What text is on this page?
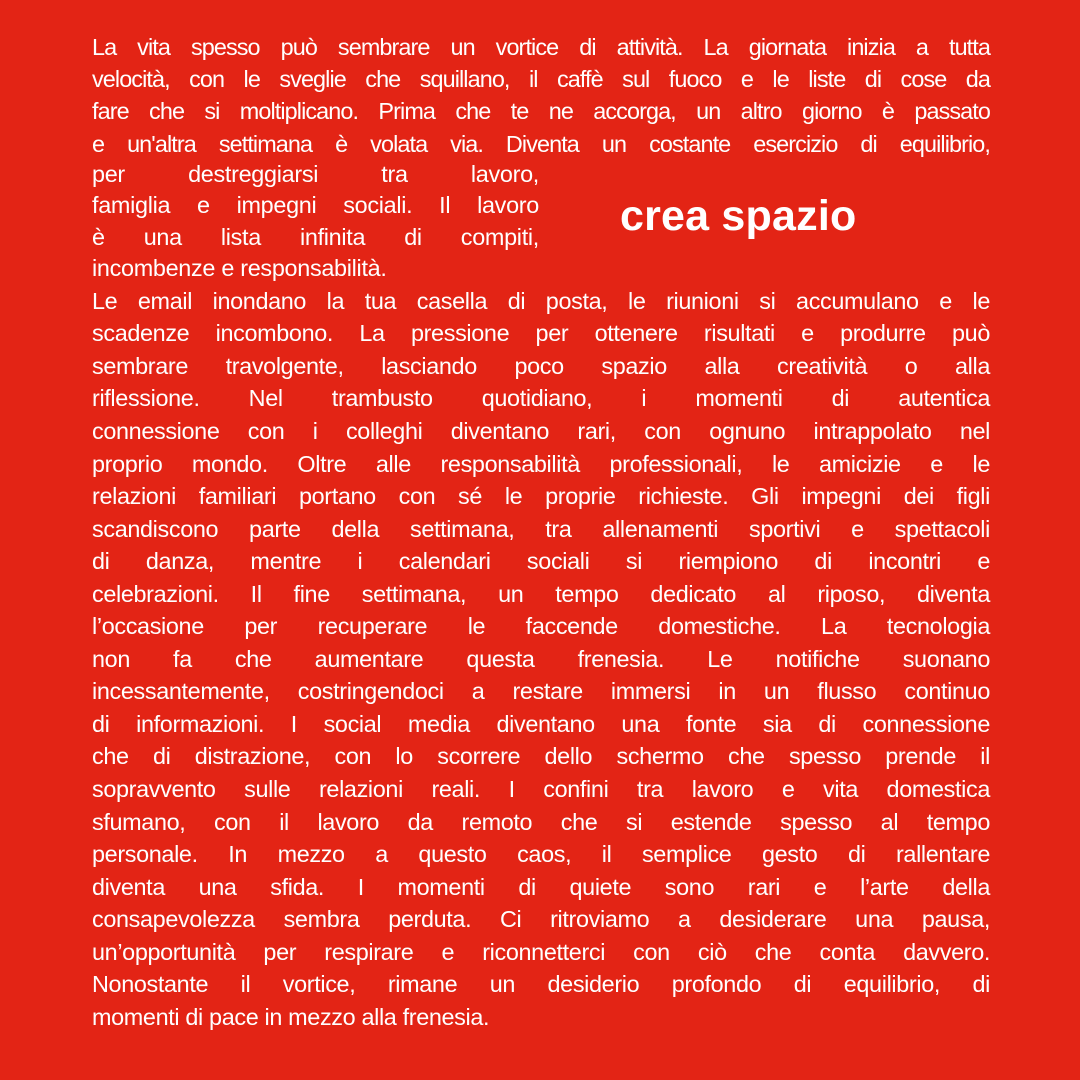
La vita spesso può sembrare un vortice di attività. La giornata inizia a tutta
velocità, con le sveglie che squillano, il caffè sul fuoco e le liste di cose da
fare che si moltiplicano. Prima che te ne accorga, un altro giorno è passato
e un'altra settimana è volata via. Diventa un costante esercizio di equilibrio,

per destreggiarsi tra lavoro,
famiglia e impegni sociali. Il lavoro
è una lista infinita di compiti,
incombenze e responsabilità.

crea spazio

Le email inondano la tua casella di posta, le riunioni si accumulano e le
scadenze incombono. La pressione per ottenere risultati e produrre può
sembrare travolgente, lasciando poco spazio alla creatività o alla
riflessione. Nel trambusto quotidiano, i momenti di autentica
connessione con i colleghi diventano rari, con ognuno intrappolato nel
proprio mondo. Oltre alle responsabilità professionali, le amicizie e le
relazioni familiari portano con sé le proprie richieste. Gli impegni dei figli
scandiscono parte della settimana, tra allenamenti sportivi e spettacoli
di danza, mentre i calendari sociali si riempiono di incontri e
celebrazioni. Il fine settimana, un tempo dedicato al riposo, diventa
l’occasione per recuperare le faccende domestiche. La tecnologia
non fa che aumentare questa frenesia. Le notifiche suonano
incessantemente, costringendoci a restare immersi in un flusso continuo
di informazioni. I social media diventano una fonte sia di connessione
che di distrazione, con lo scorrere dello schermo che spesso prende il
sopravvento sulle relazioni reali. I confini tra lavoro e vita domestica
sfumano, con il lavoro da remoto che si estende spesso al tempo
personale. In mezzo a questo caos, il semplice gesto di rallentare
diventa una sfida. I momenti di quiete sono rari e l’arte della
consapevolezza sembra perduta. Ci ritroviamo a desiderare una pausa,
un’opportunità per respirare e riconnetterci con ciò che conta davvero.
Nonostante il vortice, rimane un desiderio profondo di equilibrio, di
momenti di pace in mezzo alla frenesia.
